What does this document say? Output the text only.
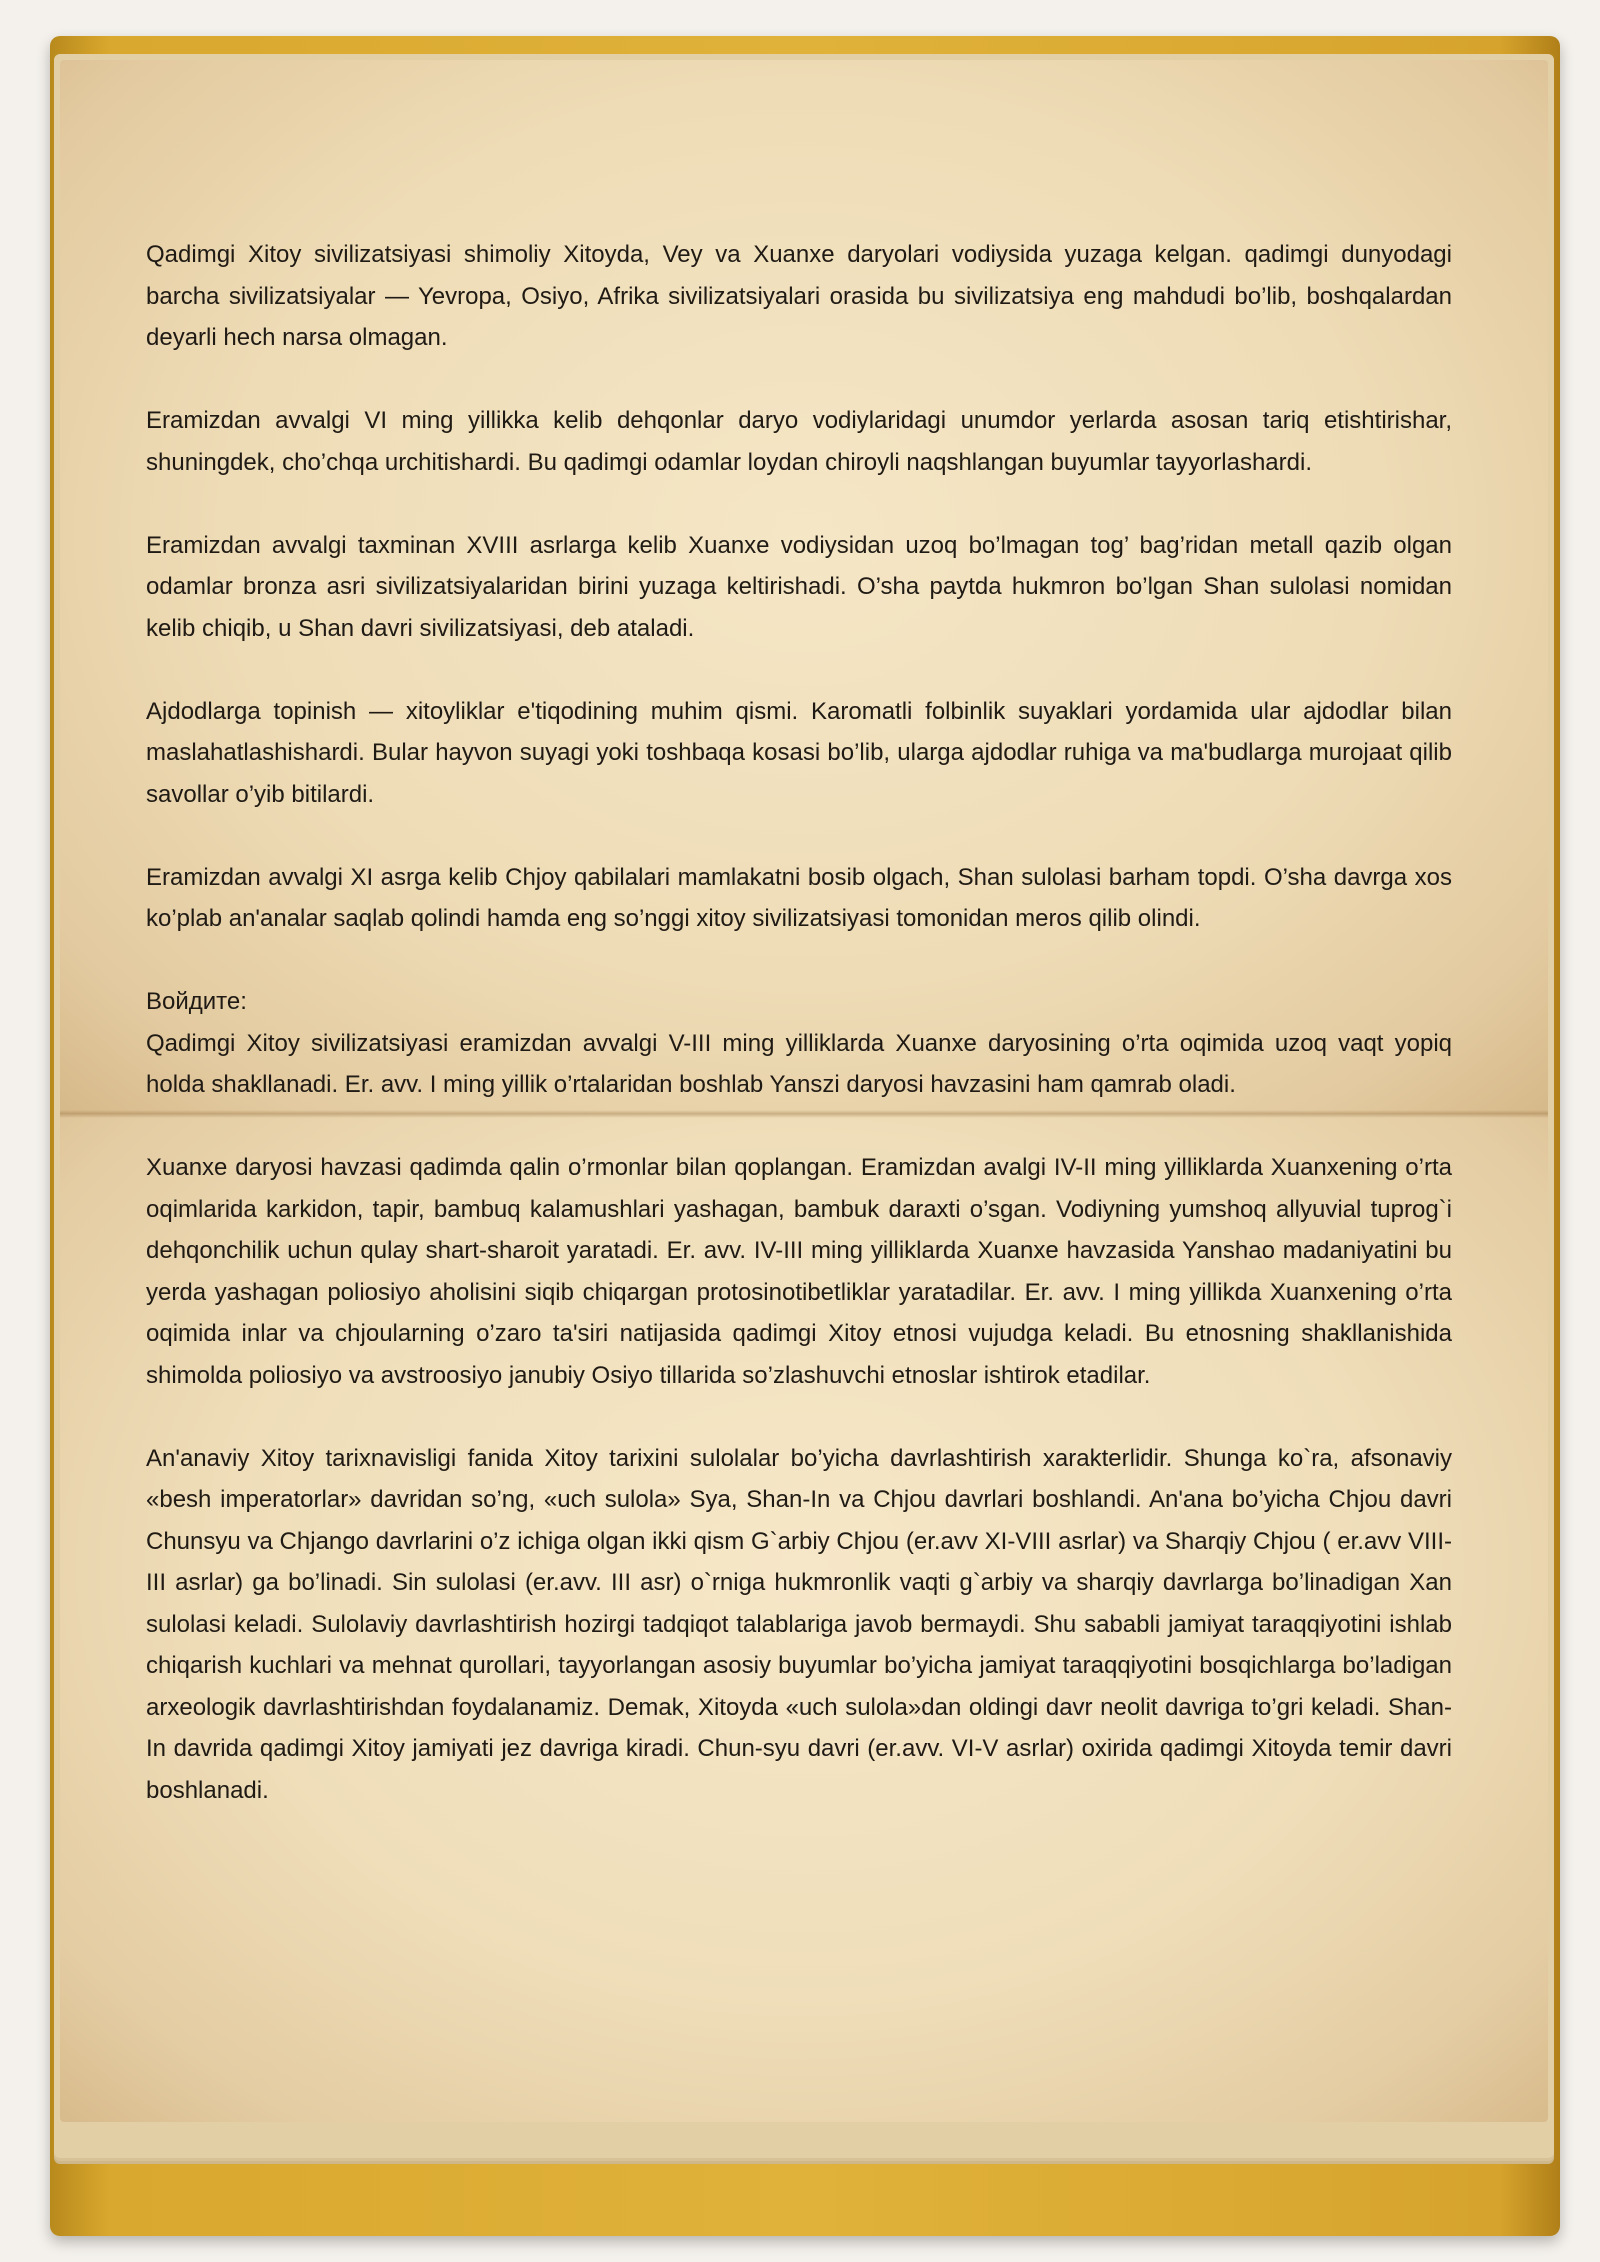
Qadimgi Xitoy sivilizatsiyasi shimoliy Xitoyda, Vey va Xuanxe daryolari vodiysida yuzaga kelgan. qadimgi dunyodagi barcha sivilizatsiyalar — Yevropa, Osiyo, Afrika sivilizatsiyalari orasida bu sivilizatsiya eng mahdudi bo’lib, boshqalardan deyarli hech narsa olmagan.

Eramizdan avvalgi VI ming yillikka kelib dehqonlar daryo vodiylaridagi unumdor yerlarda asosan tariq etishtirishar, shuningdek, cho’chqa urchitishardi. Bu qadimgi odamlar loydan chiroyli naqshlangan buyumlar tayyorlashardi.

Eramizdan avvalgi taxminan XVIII asrlarga kelib Xuanxe vodiysidan uzoq bo’lmagan tog’ bag’ridan metall qazib olgan odamlar bronza asri sivilizatsiyalaridan birini yuzaga keltirishadi. O’sha paytda hukmron bo’lgan Shan sulolasi nomidan kelib chiqib, u Shan davri sivilizatsiyasi, deb ataladi.

Ajdodlarga topinish — xitoyliklar e'tiqodining muhim qismi. Karomatli folbinlik suyaklari yordamida ular ajdodlar bilan maslahatlashishardi. Bular hayvon suyagi yoki toshbaqa kosasi bo’lib, ularga ajdodlar ruhiga va ma'budlarga murojaat qilib savollar o’yib bitilardi.

Eramizdan avvalgi XI asrga kelib Chjoy qabilalari mamlakatni bosib olgach, Shan sulolasi barham topdi. O’sha davrga xos ko’plab an'analar saqlab qolindi hamda eng so’nggi xitoy sivilizatsiyasi tomonidan meros qilib olindi.

Войдите:

Qadimgi Xitoy sivilizatsiyasi eramizdan avvalgi V-III ming yilliklarda Xuanxe daryosining o’rta oqimida uzoq vaqt yopiq holda shakllanadi. Er. avv. I ming yillik o’rtalaridan boshlab Yanszi daryosi havzasini ham qamrab oladi.

Xuanxe daryosi havzasi qadimda qalin o’rmonlar bilan qoplangan. Eramizdan avalgi IV-II ming yilliklarda Xuanxening o’rta oqimlarida karkidon, tapir, bambuq kalamushlari yashagan, bambuk daraxti o’sgan. Vodiyning yumshoq allyuvial tuprog`i dehqonchilik uchun qulay shart-sharoit yaratadi. Er. avv. IV-III ming yilliklarda Xuanxe havzasida Yanshao madaniyatini bu yerda yashagan poliosiyo aholisini siqib chiqargan protosinotibetliklar yaratadilar. Er. avv. I ming yillikda Xuanxening o’rta oqimida inlar va chjoularning o’zaro ta'siri natijasida qadimgi Xitoy etnosi vujudga keladi. Bu etnosning shakllanishida shimolda poliosiyo va avstroosiyo janubiy Osiyo tillarida so’zlashuvchi etnoslar ishtirok etadilar.

An'anaviy Xitoy tarixnavisligi fanida Xitoy tarixini sulolalar bo’yicha davrlashtirish xarakterlidir. Shunga ko`ra, afsonaviy «besh imperatorlar» davridan so’ng, «uch sulola» Sya, Shan-In va Chjou davrlari boshlandi. An'ana bo’yicha Chjou davri Chunsyu va Chjango davrlarini o’z ichiga olgan ikki qism G`arbiy Chjou (er.avv XI-VIII asrlar) va Sharqiy Chjou ( er.avv VIII-III asrlar) ga bo’linadi. Sin sulolasi (er.avv. III asr) o`rniga hukmronlik vaqti g`arbiy va sharqiy davrlarga bo’linadigan Xan sulolasi keladi. Sulolaviy davrlashtirish hozirgi tadqiqot talablariga javob bermaydi. Shu sababli jamiyat taraqqiyotini ishlab chiqarish kuchlari va mehnat qurollari, tayyorlangan asosiy buyumlar bo’yicha jamiyat taraqqiyotini bosqichlarga bo’ladigan arxeologik davrlashtirishdan foydalanamiz. Demak, Xitoyda «uch sulola»dan oldingi davr neolit davriga to’gri keladi. Shan-In davrida qadimgi Xitoy jamiyati jez davriga kiradi. Chun-syu davri (er.avv. VI-V asrlar) oxirida qadimgi Xitoyda temir davri boshlanadi.
